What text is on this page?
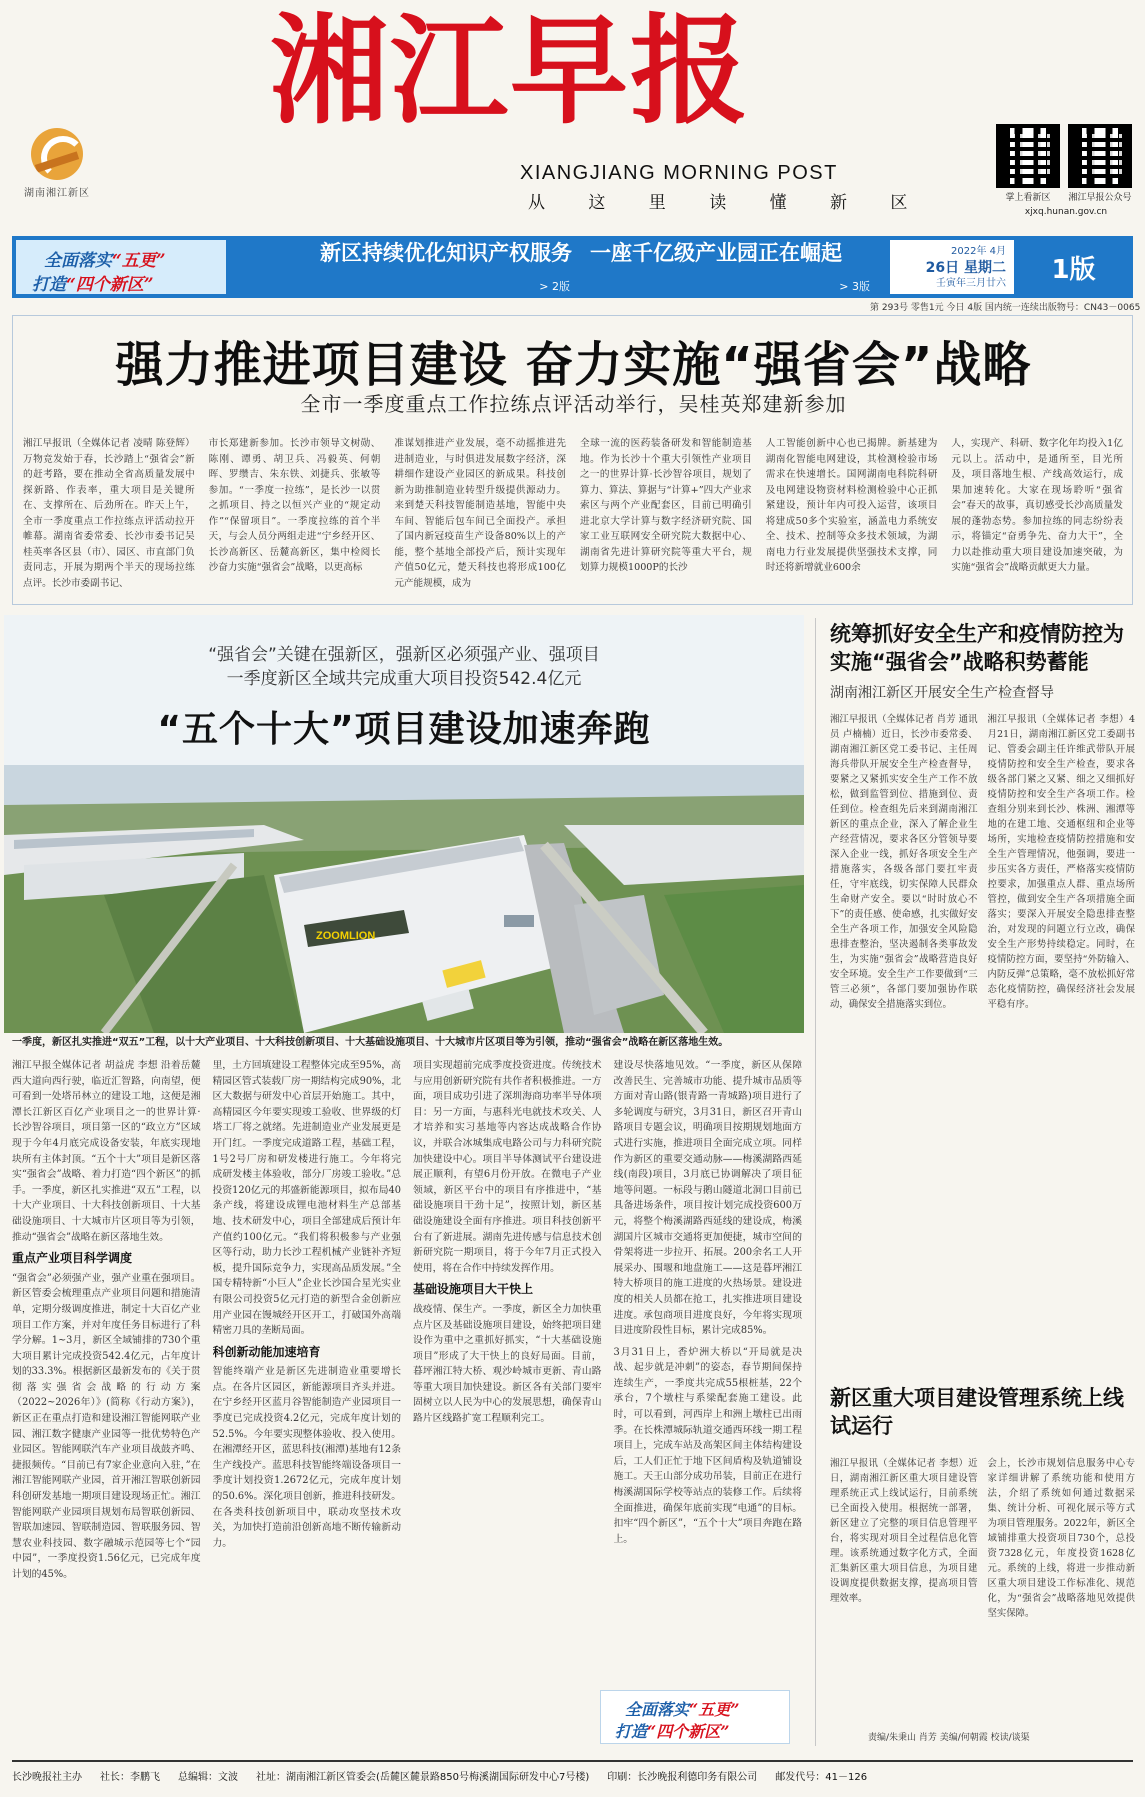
湖南湘江新区
湘江早报
XIANGJIANG MORNING POST
从 这 里 读 懂 新 区	掌上看新区	湘江早报公众号
xjxq.hunan.gov.cn
全面落实“五更”
打造“四个新区”
新区持续优化知识产权服务
> 2版
一座千亿级产业园正在崛起
> 3版
2022年 4月
26日 星期二
壬寅年三月廿六	1版
第 293号 零售1元 今日 4版 国内统一连续出版物号：CN43－0065
强力推进项目建设 奋力实施“强省会”战略
全市一季度重点工作拉练点评活动举行，吴桂英郑建新参加
湘江早报讯（全媒体记者 凌晴 陈登辉）万物竞发始于春，长沙踏上“强省会”新的赶考路，要在推动全省高质量发展中探新路、作表率，重大项目是关键所在、支撑所在、后劲所在。昨天上午，全市一季度重点工作拉练点评活动拉开帷幕。湖南省委常委、长沙市委书记吴桂英率各区县（市）、园区、市直部门负责同志，开展为期两个半天的现场拉练点评。长沙市委副书记、
市长郑建新参加。长沙市领导文树勋、陈刚、谭勇、胡卫兵、冯毅英、何朝晖、罗缵吉、朱东铁、刘捷兵、张敏等参加。“一季度一拉练”，是长沙一以贯之抓项目、持之以恒兴产业的“规定动作”“保留项目”。一季度拉练的首个半天，与会人员分两组走进“宁乡经开区、长沙高新区、岳麓高新区，集中检阅长沙奋力实施“强省会”战略，以更高标
准谋划推进产业发展，毫不动摇推进先进制造业，与时俱进发展数字经济，深耕细作建设产业园区的新成果。科技创新为助推制造业转型升级提供源动力。来到楚天科技智能制造基地，智能中央车间、智能后包车间已全面投产。承担了国内新冠疫苗生产设备80%以上的产能，整个基地全部投产后，预计实现年产值50亿元，楚天科技也将形成100亿元产能规模，成为
全球一流的医药装备研发和智能制造基地。作为长沙十个重大引领性产业项目之一的世界计算·长沙智谷项目，规划了算力、算法、算据与“计算+”四大产业求索区与两个产业配套区，目前已明确引进北京大学计算与数字经济研究院、国家工业互联网安全研究院大数据中心、湖南省先进计算研究院等重大平台，规划算力规模1000P的长沙
人工智能创新中心也已揭牌。新基建为湖南化智能电网建设，其检测检验市场需求在快速增长。国网湖南电科院科研及电网建设物资材料检测检验中心正抓紧建设，预计年内可投入运营，该项目将建成50多个实验室，涵盖电力系统安全、技术、控制等众多技术领域，为湖南电力行业发展提供坚强技术支撑，同时还将新增就业600余
人，实现产、科研、数字化年均投入1亿元以上。活动中，是通所至，目光所及，项目落地生根、产线高效运行，成果加速转化。大家在现场聆听“强省会”春天的故事，真切感受长沙高质量发展的蓬勃态势。参加拉练的同志纷纷表示，将锚定“奋勇争先、奋力大干”，全力以赴推动重大项目建设加速突破，为实施“强省会”战略贡献更大力量。
“强省会”关键在强新区，强新区必须强产业、强项目
一季度新区全域共完成重大项目投资542.4亿元
“五个十大”项目建设加速奔跑
ZOOMLION
一季度，新区扎实推进“双五”工程，以十大产业项目、十大科技创新项目、十大基础设施项目、十大城市片区项目等为引领，推动“强省会”战略在新区落地生效。

湘江早报全媒体记者 胡益虎 李想 沿着岳麓西大道向西行驶，临近汇智路，向南望，便可看到一处塔吊林立的建设工地，这便是湘潭长江新区百亿产业项目之一的世界计算·长沙智谷项目，项目第一区的“政立方”区域现于今年4月底完成设备安装，年底实现地块所有主体封顶。“五个十大”项目是新区落实“强省会”战略、着力打造“四个新区”的抓手。一季度，新区扎实推进“双五”工程，以十大产业项目、十大科技创新项目、十大基础设施项目、十大城市片区项目等为引领，推动“强省会”战略在新区落地生效。

重点产业项目科学调度

“强省会”必须强产业，强产业重在强项目。新区管委会梳理重点产业项目问题和措施清单，定期分级调度推进，制定十大百亿产业项目工作方案，并对年度任务目标进行了科学分解。1~3月，新区全域铺排的730个重大项目累计完成投资542.4亿元，占年度计划的33.3%。根据新区最新发布的《关于贯彻落实强省会战略的行动方案（2022~2026年）》(简称《行动方案》)，新区正在重点打造和建设湘江智能网联产业园、湘江数字健康产业园等一批优势特色产业园区。智能网联汽车产业项目战鼓齐鸣、捷报频传。“目前已有7家企业意向入驻，”在湘江智能网联产业园，首开湘江智联创新园科创研发基地一期项目建设现场正忙。湘江智能网联产业园项目规划布局智联创新园、智联加速园、智联制造园、智联服务园、智慧农业科技园、数字融城示范园等七个“园中园”，一季度投资1.56亿元，已完成年度计划的45%。

里，土方回填建设工程整体完成至95%，高精园区管式装载厂房一期结构完成90%，北区大数据与研发中心首层开始施工。其中，高精园区今年要实现竣工验收、世界级的灯塔工厂将之就绪。先进制造业产业发展更是开门红。一季度完成道路工程，基础工程，1号2号厂房和研发楼进行施工。今年将完成研发楼主体验收，部分厂房竣工验收。”总投资120亿元的邦盛新能源项目，拟布局40条产线，将建设成锂电池材料生产总部基地、技术研发中心，项目全部建成后预计年产值约100亿元。“我们将积极参与产业强区等行动，助力长沙工程机械产业链补齐短板，提升国际竞争力，实现高品质发展。”全国专精特新“小巨人”企业长沙国合星光实业有限公司投资5亿元打造的新型合金创新应用产业园在馒城经开区开工，打破国外高端精密刀具的垄断局面。

科创新动能加速培育

智能终端产业是新区先进制造业重要增长点。在各片区园区，新能源项目齐头并进。在宁乡经开区蓝月谷智能制造产业园项目一季度已完成投资4.2亿元，完成年度计划的52.5%。今年要实现整体验收、投入使用。在湘潭经开区，蓝思科技(湘潭)基地有12条生产线投产。蓝思科技智能终端设备项目一季度计划投资1.2672亿元，完成年度计划的50.6%。深化项目创新，推进科技研发。在各类科技创新项目中，联动攻坚技术攻关，为加快打造前沿创新高地不断传输新动力。

项目实现超前完成季度投资进度。传统技术与应用创新研究院有共作者积极推进。一方面，项目成功引进了深圳海商功率半导体项目：另一方面，与惠科光电就技术攻关、人才培养和实习基地等内容达成战略合作协议，并联合冰城集成电路公司与力科研究院加快建设中心。项目半导体测试平台建设进展正顺利，有望6月份开放。在微电子产业领域，新区平台中的项目有序推进中，“基础设施项目干劲十足”，按照计划，新区基础设施建设全面有序推进。项目科技创新平台有了新进展。湖南先进传感与信息技术创新研究院一期项目，将于今年7月正式投入使用，将在合作中持续发挥作用。

基础设施项目大干快上

战疫情、保生产。一季度，新区全力加快重点片区及基础设施项目建设，始终把项目建设作为重中之重抓好抓实，“十大基础设施项目”形成了大干快上的良好局面。目前，暮坪湘江特大桥、观沙岭城市更新、青山路等重大项目加快建设。新区各有关部门要牢固树立以人民为中心的发展思想，确保青山路片区线路扩宽工程顺利完工。

建设尽快落地见效。“一季度，新区从保障改善民生、完善城市功能、提升城市品质等方面对青山路(银青路一青城路)项目进行了多轮调度与研究，3月31日，新区召开青山路项目专题会议，明确项目按期规划地面方式进行实施，推进项目全面完成立项。同样作为新区的重要交通动脉——梅溪湖路西延线(南段)项目，3月底已协调解决了项目征地等问题。一标段与鹅山隧道北洞口目前已具备进场条件，项目按计划完成投资600万元，将整个梅溪湖路西延线的建设成，梅溪湖国片区城市交通将更加便捷，城市空间的骨架将进一步拉开、拓展。200余名工人开展采办、围堰和地盘施工——这是暮坪湘江特大桥项目的施工进度的火热场景。建设进度的相关人员都在抢工，扎实推进项目建设进度。承包商项目进度良好，今年将实现项目进度阶段性目标，累计完成85%。

3月31日上，香炉洲大桥以“开局就是决战、起步就是冲刺”的姿态，春节期间保持连续生产，一季度共完成55根桩基，22个承台，7个墩柱与系梁配套施工建设。此时，可以看到，河西岸上和洲上墩柱已出雨季。在长株潭城际轨道交通西环线一期工程项目上，完成车站及高架区间主体结构建设后，工人们正忙于地下区间盾构及轨道铺设施工。天王山部分成功吊装，目前正在进行梅溪湖国际学校等站点的装修工作。后续将全面推进，确保年底前实现“电通”的目标。扣牢“四个新区”，“五个十大”项目奔跑在路上。

全面落实“五更”
打造“四个新区”
统筹抓好安全生产和疫情防控为实施“强省会”战略积势蓄能
湖南湘江新区开展安全生产检查督导
湘江早报讯（全媒体记者 肖芳 通讯员 卢楠楠）近日，长沙市委常委、湖南湘江新区党工委书记、主任周海兵带队开展安全生产检查督导，要紧之又紧抓实安全生产工作不放松，做到监管到位、措施到位、责任到位。检查组先后来到湖南湘江新区的重点企业，深入了解企业生产经营情况，要求各区分管领导要深入企业一线，抓好各项安全生产措施落实，各级各部门要扛牢责任，守牢底线，切实保障人民群众生命财产安全。要以“时时放心不下”的责任感、使命感，扎实做好安全生产各项工作，加强安全风险隐患排查整治，坚决遏制各类事故发生，为实施“强省会”战略营造良好安全环境。安全生产工作要做到“三管三必须”，各部门要加强协作联动，确保安全措施落实到位。
湘江早报讯（全媒体记者 李想）4月21日，湖南湘江新区党工委副书记、管委会副主任许维武带队开展疫情防控和安全生产检查，要求各级各部门紧之又紧、细之又细抓好疫情防控和安全生产各项工作。检查组分别来到长沙、株洲、湘潭等地的在建工地、交通枢纽和企业等场所，实地检查疫情防控措施和安全生产管理情况，他强调，要进一步压实各方责任，严格落实疫情防控要求，加强重点人群、重点场所管控，做到安全生产各项措施全面落实；要深入开展安全隐患排查整治，对发现的问题立行立改，确保安全生产形势持续稳定。同时，在疫情防控方面，要坚持“外防输入、内防反弹”总策略，毫不放松抓好常态化疫情防控，确保经济社会发展平稳有序。
新区重大项目建设管理系统上线试运行
湘江早报讯（全媒体记者 李想）近日，湖南湘江新区重大项目建设管理系统正式上线试运行，目前系统已全面投入使用。根据统一部署，新区建立了完整的项目信息管理平台，将实现对项目全过程信息化管理。该系统通过数字化方式，全面汇集新区重大项目信息，为项目建设调度提供数据支撑，提高项目管理效率。
会上，长沙市规划信息服务中心专家详细讲解了系统功能和使用方法，介绍了系统如何通过数据采集、统计分析、可视化展示等方式为项目管理服务。2022年，新区全域铺排重大投资项目730个，总投资7328亿元，年度投资1628亿元。系统的上线，将进一步推动新区重大项目建设工作标准化、规范化，为“强省会”战略落地见效提供坚实保障。
责编/朱秉山 肖芳 美编/何朝霞 校读/谈渠
长沙晚报社主办 社长：李鹏飞 总编辑：文波 社址：湖南湘江新区管委会(岳麓区麓景路850号梅溪湖国际研发中心7号楼) 印刷：长沙晚报利德印务有限公司 邮发代号：41－126
